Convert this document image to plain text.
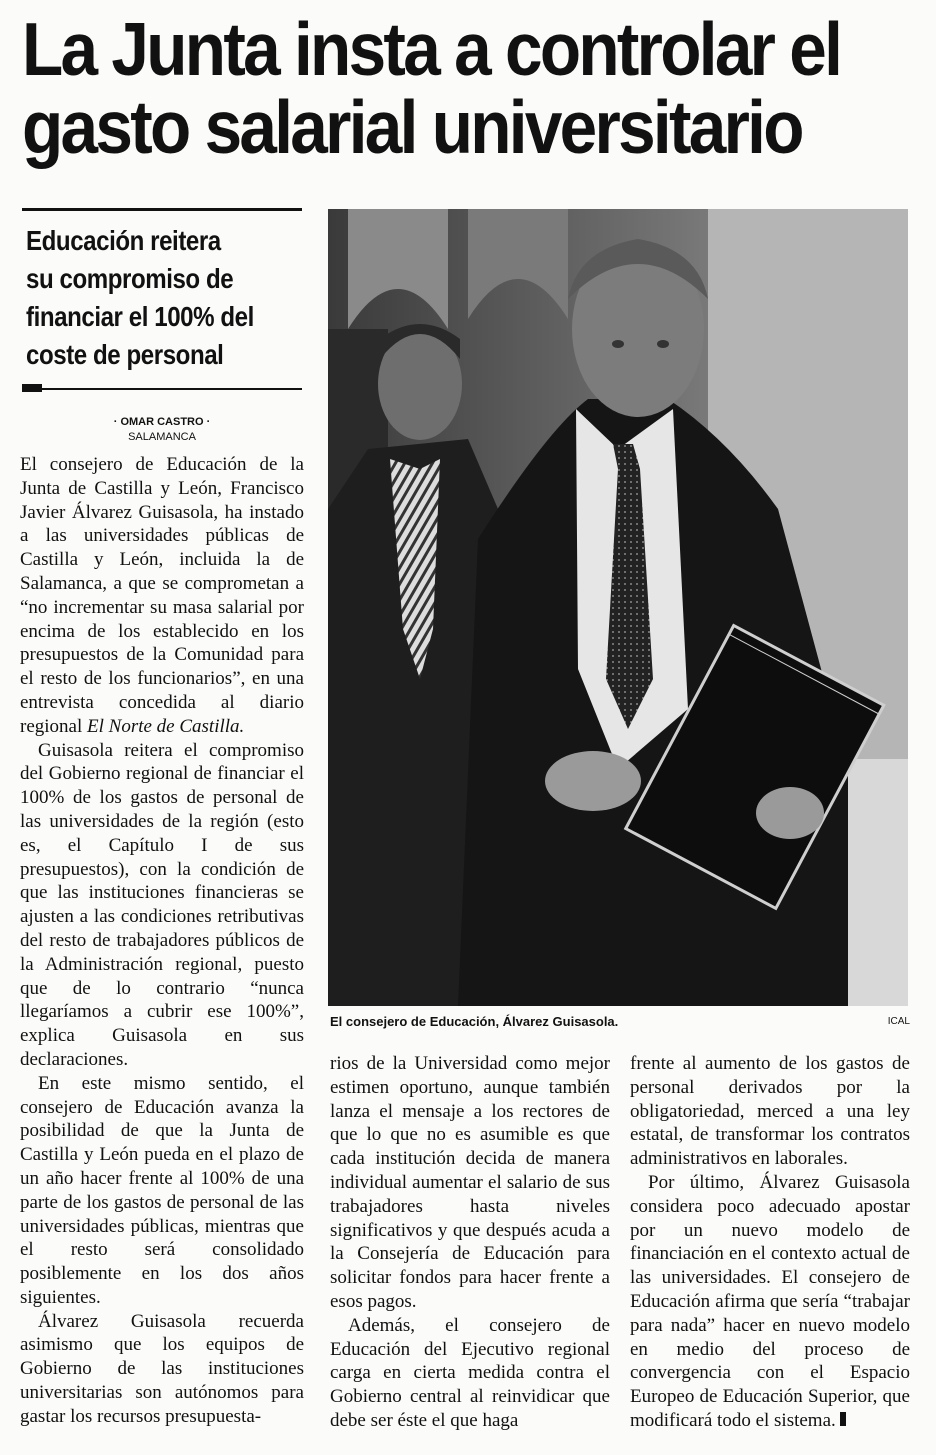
La Junta insta a controlar el
gasto salarial universitario
Educación reitera
su compromiso de
financiar el 100% del
coste de personal
· OMAR CASTRO ·
SALAMANCA
El consejero de Educación, Álvarez Guisasola.	ICAL

El consejero de Educación de la Junta de Castilla y León, Francisco Javier Álvarez Guisasola, ha instado a las universidades públicas de Castilla y León, incluida la de Salamanca, a que se comprometan a “no incrementar su masa salarial por encima de los establecido en los presupuestos de la Comunidad para el resto de los funcionarios”, en una entrevista concedida al diario regional El Norte de Castilla.

Guisasola reitera el compromiso del Gobierno regional de financiar el 100% de los gastos de personal de las universidades de la región (esto es, el Capítulo I de sus presupuestos), con la condición de que las instituciones financieras se ajusten a las condiciones retributivas del resto de trabajadores públicos de la Administración regional, puesto que de lo contrario “nunca llegaríamos a cubrir ese 100%”, explica Guisasola en sus declaraciones.

En este mismo sentido, el consejero de Educación avanza la posibilidad de que la Junta de Castilla y León pueda en el plazo de un año hacer frente al 100% de una parte de los gastos de personal de las universidades públicas, mientras que el resto será consolidado posiblemente en los dos años siguientes.

Álvarez Guisasola recuerda asimismo que los equipos de Gobierno de las instituciones universitarias son autónomos para gastar los recursos presupuesta-

rios de la Universidad como mejor estimen oportuno, aunque también lanza el mensaje a los rectores de que lo que no es asumible es que cada institución decida de manera individual aumentar el salario de sus trabajadores hasta niveles significativos y que después acuda a la Consejería de Educación para solicitar fondos para hacer frente a esos pagos.

Además, el consejero de Educación del Ejecutivo regional carga en cierta medida contra el Gobierno central al reinvidicar que debe ser éste el que haga

frente al aumento de los gastos de personal derivados por la obligatoriedad, merced a una ley estatal, de transformar los contratos administrativos en laborales.

Por último, Álvarez Guisasola considera poco adecuado apostar por un nuevo modelo de financiación en el contexto actual de las universidades. El consejero de Educación afirma que sería “trabajar para nada” hacer en nuevo modelo en medio del proceso de convergencia con el Espacio Europeo de Educación Superior, que modificará todo el sistema.
